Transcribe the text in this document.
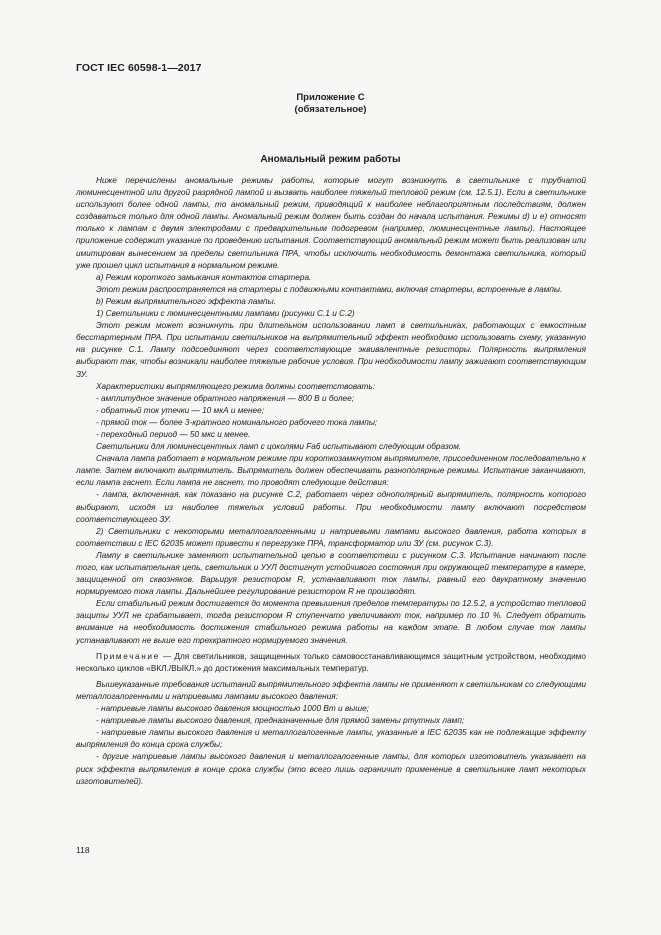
ГОСТ IEC 60598-1—2017
Приложение С
(обязательное)
Аномальный режим работы

Ниже перечислены аномальные режимы работы, которые могут возникнуть в светильнике с трубчатой люминесцентной или другой разрядной лампой и вызвать наиболее тяжелый тепловой режим (см. 12.5.1). Если в светильнике используют более одной лампы, то аномальный режим, приводящий к наиболее неблагоприятным последствиям, должен создаваться только для одной лампы. Аномальный режим должен быть создан до начала испытания. Режимы d) и e) относят только к лампам с двумя электродами с предварительным подогревом (например, люминесцентные лампы). Настоящее приложение содержит указание по проведению испытания. Соответствующий аномальный режим может быть реализован или имитирован вынесением за пределы светильника ПРА, чтобы исключить необходимость демонтажа светильника, который уже прошел цикл испытания в нормальном режиме.

а) Режим короткого замыкания контактов стартера.

Этот режим распространяется на стартеры с подвижными контактами, включая стартеры, встроенные в лампы.

b) Режим выпрямительного эффекта лампы.

1) Светильники с люминесцентными лампами (рисунки С.1 и С.2)

Этот режим может возникнуть при длительном использовании ламп в светильниках, работающих с емкостным бесстартерным ПРА. При испытании светильников на выпрямительный эффект необходимо использовать схему, указанную на рисунке С.1. Лампу подсоединяют через соответствующие эквивалентные резисторы. Полярность выпрямления выбирают так, чтобы возникали наиболее тяжелые рабочие условия. При необходимости лампу зажигают соответствующим ЗУ.

Характеристики выпрямляющего режима должны соответствовать:

- амплитудное значение обратного напряжения — 800 В и более;

- обратный ток утечки — 10 мкА и менее;

- прямой ток — более 3-кратного номинального рабочего тока лампы;

- переходный период — 50 мкс и менее.

Светильники для люминесцентных ламп с цоколями Fa6 испытывают следующим образом.

Сначала лампа работает в нормальном режиме при короткозамкнутом выпрямителе, присоединенном последовательно к лампе. Затем включают выпрямитель. Выпрямитель должен обеспечивать разнополярные режимы. Испытание заканчивают, если лампа гаснет. Если лампа не гаснет, то проводят следующие действия:

- лампа, включенная, как показано на рисунке С.2, работает через однополярный выпрямитель, полярность которого выбирают, исходя из наиболее тяжелых условий работы. При необходимости лампу включают посредством соответствующего ЗУ.

2) Светильники с некоторыми металлогалогенными и натриевыми лампами высокого давления, работа которых в соответствии с IEC 62035 может привести к перегрузке ПРА, трансформатор или ЗУ (см. рисунок С.3).

Лампу в светильнике заменяют испытательной цепью в соответствии с рисунком С.3. Испытание начинают после того, как испытательная цепь, светильник и УУЛ достигнут устойчивого состояния при окружающей температуре в камере, защищенной от сквозняков. Варьируя резистором R, устанавливают ток лампы, равный его двукратному значению нормируемого тока лампы. Дальнейшее регулирование резистором R не производят.

Если стабильный режим достигается до момента превышения пределов температуры по 12.5.2, а устройство тепловой защиты УУЛ не срабатывает, тогда резистором R ступенчато увеличивают ток, например по 10 %. Следует обратить внимание на необходимость достижения стабильного режима работы на каждом этапе. В любом случае ток лампы устанавливают не выше его трехкратного нормируемого значения.

Примечание — Для светильников, защищенных только самовосстанавливающимся защитным устройством, необходимо несколько циклов «ВКЛ./ВЫКЛ.» до достижения максимальных температур.

Вышеуказанные требования испытаний выпрямительного эффекта лампы не применяют к светильникам со следующими металлогалогенными и натриевыми лампами высокого давления:

- натриевые лампы высокого давления мощностью 1000 Вт и выше;

- натриевые лампы высокого давления, предназначенные для прямой замены ртутных ламп;

- натриевые лампы высокого давления и металлогалогенные лампы, указанные в IEC 62035 как не подлежащие эффекту выпрямления до конца срока службы;

- другие натриевые лампы высокого давления и металлогалогенные лампы, для которых изготовитель указывает на риск эффекта выпрямления в конце срока службы (это всего лишь ограничит применение в светильнике ламп некоторых изготовителей).

118
